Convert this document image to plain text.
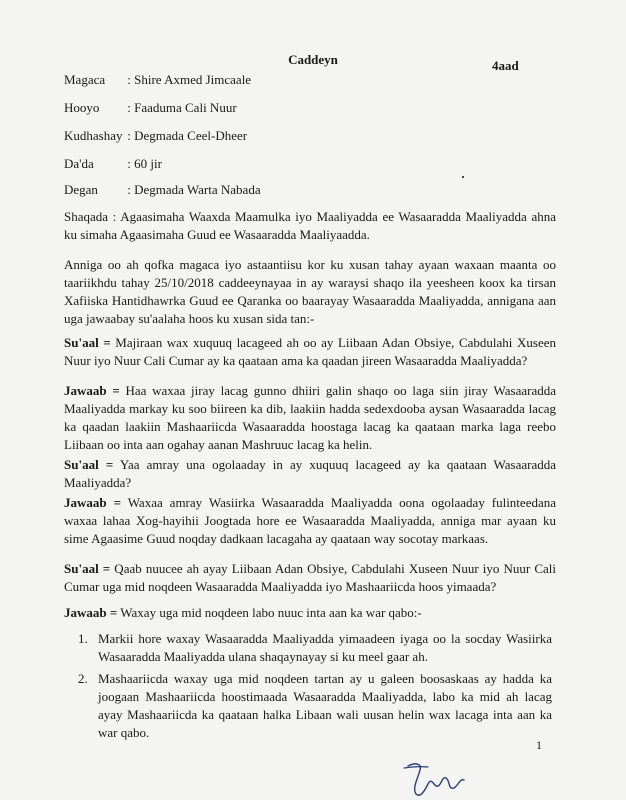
Caddeyn	4aad
Magaca : Shire Axmed Jimcaale
Hooyo : Faaduma Cali Nuur
Kudhashay : Degmada Ceel-Dheer
Da'da	: 60 jir
Degan : Degmada Warta Nabada
Shaqada : Agaasimaha Waaxda Maamulka iyo Maaliyadda ee Wasaaradda Maaliyadda ahna ku simaha Agaasimaha Guud ee Wasaaradda Maaliyaadda.
Anniga oo ah qofka magaca iyo astaantiisu kor ku xusan tahay ayaan waxaan maanta oo taariikhdu tahay 25/10/2018 caddeeynayaa in ay waraysi shaqo ila yeesheen koox ka tirsan Xafiiska Hantidhawrka Guud ee Qaranka oo baarayay Wasaaradda Maaliyadda, annigana aan uga jawaabay su'aalaha hoos ku xusan sida tan:-
Su'aal = Majiraan wax xuquuq lacageed ah oo ay Liibaan Adan Obsiye, Cabdulahi Xuseen Nuur iyo Nuur Cali Cumar ay ka qaataan ama ka qaadan jireen Wasaaradda Maaliyadda?
Jawaab = Haa waxaa jiray lacag gunno dhiiri galin shaqo oo laga siin jiray Wasaaradda Maaliyadda markay ku soo biireen ka dib, laakiin hadda sedexdooba aysan Wasaaradda lacag ka qaadan laakiin Mashaariicda Wasaaradda hoostaga lacag ka qaataan marka laga reebo Liibaan oo inta aan ogahay aanan Mashruuc lacag ka helin.
Su'aal = Yaa amray una ogolaaday in ay xuquuq lacageed ay ka qaataan Wasaaradda Maaliyadda?
Jawaab = Waxaa amray Wasiirka Wasaaradda Maaliyadda oona ogolaaday fulinteedana waxaa lahaa Xog-hayihii Joogtada hore ee Wasaaradda Maaliyadda, anniga mar ayaan ku sime Agaasime Guud noqday dadkaan lacagaha ay qaataan way socotay markaas.
Su'aal = Qaab nuucee ah ayay Liibaan Adan Obsiye, Cabdulahi Xuseen Nuur iyo Nuur Cali Cumar uga mid noqdeen Wasaaradda Maaliyadda iyo Mashaariicda hoos yimaada?
Jawaab = Waxay uga mid noqdeen labo nuuc inta aan ka war qabo:-
1. Markii hore waxay Wasaaradda Maaliyadda yimaadeen iyaga oo la socday Wasiirka Wasaaradda Maaliyadda ulana shaqaynayay si ku meel gaar ah.
2. Mashaariicda waxay uga mid noqdeen tartan ay u galeen boosaskaas ay hadda ka joogaan Mashaariicda hoostimaada Wasaaradda Maaliyadda, labo ka mid ah lacag ayay Mashaariicda ka qaataan halka Libaan wali uusan helin wax lacaga inta aan ka war qabo.
1
